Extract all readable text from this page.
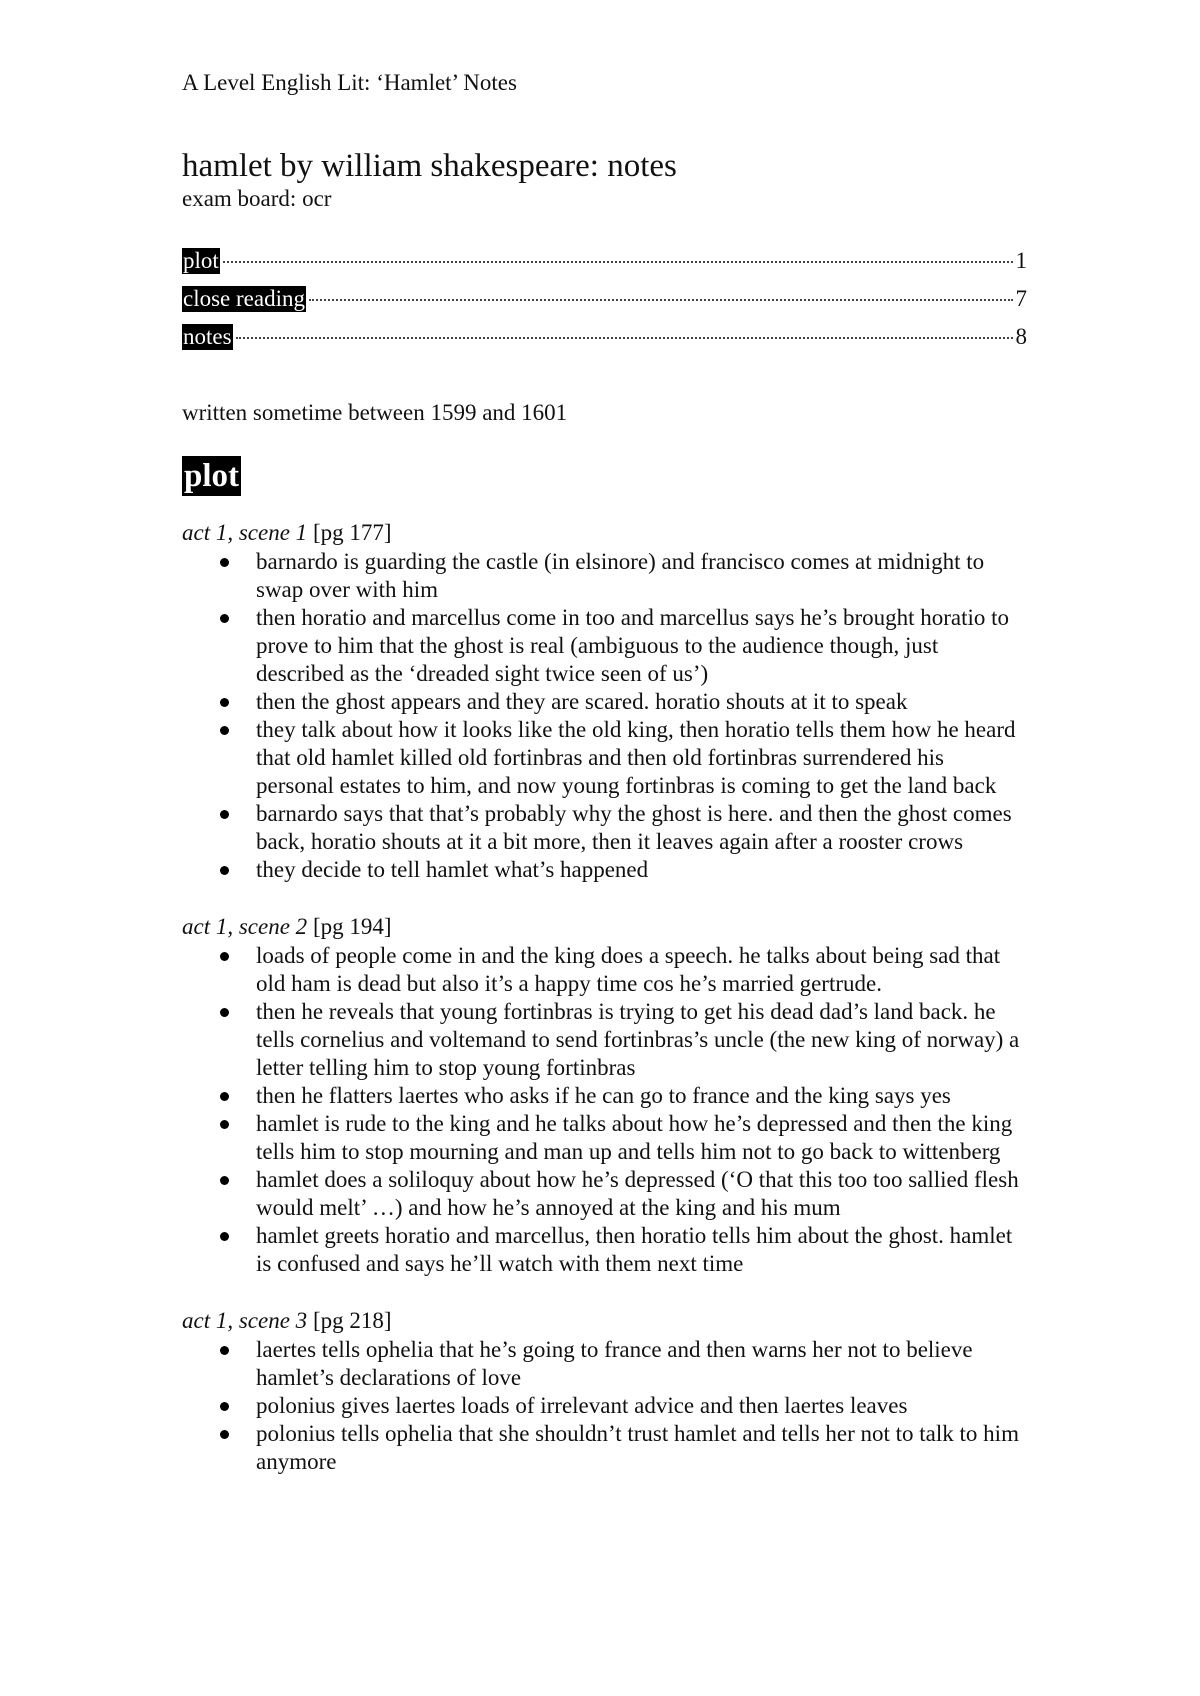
A Level English Lit: ‘Hamlet’ Notes
hamlet by william shakespeare: notes
exam board: ocr
plot	1
close reading	7
notes	8
written sometime between 1599 and 1601
plot
act 1, scene 1 [pg 177]
barnardo is guarding the castle (in elsinore) and francisco comes at midnight to swap over with him
then horatio and marcellus come in too and marcellus says he’s brought horatio to prove to him that the ghost is real (ambiguous to the audience though, just described as the ‘dreaded sight twice seen of us’)
then the ghost appears and they are scared. horatio shouts at it to speak
they talk about how it looks like the old king, then horatio tells them how he heard that old hamlet killed old fortinbras and then old fortinbras surrendered his personal estates to him, and now young fortinbras is coming to get the land back
barnardo says that that’s probably why the ghost is here. and then the ghost comes back, horatio shouts at it a bit more, then it leaves again after a rooster crows
they decide to tell hamlet what’s happened
act 1, scene 2 [pg 194]
loads of people come in and the king does a speech. he talks about being sad that old ham is dead but also it’s a happy time cos he’s married gertrude.
then he reveals that young fortinbras is trying to get his dead dad’s land back. he tells cornelius and voltemand to send fortinbras’s uncle (the new king of norway) a letter telling him to stop young fortinbras
then he flatters laertes who asks if he can go to france and the king says yes
hamlet is rude to the king and he talks about how he’s depressed and then the king tells him to stop mourning and man up and tells him not to go back to wittenberg
hamlet does a soliloquy about how he’s depressed (‘O that this too too sallied flesh would melt’ …) and how he’s annoyed at the king and his mum
hamlet greets horatio and marcellus, then horatio tells him about the ghost. hamlet is confused and says he’ll watch with them next time
act 1, scene 3 [pg 218]
laertes tells ophelia that he’s going to france and then warns her not to believe hamlet’s declarations of love
polonius gives laertes loads of irrelevant advice and then laertes leaves
polonius tells ophelia that she shouldn’t trust hamlet and tells her not to talk to him anymore
